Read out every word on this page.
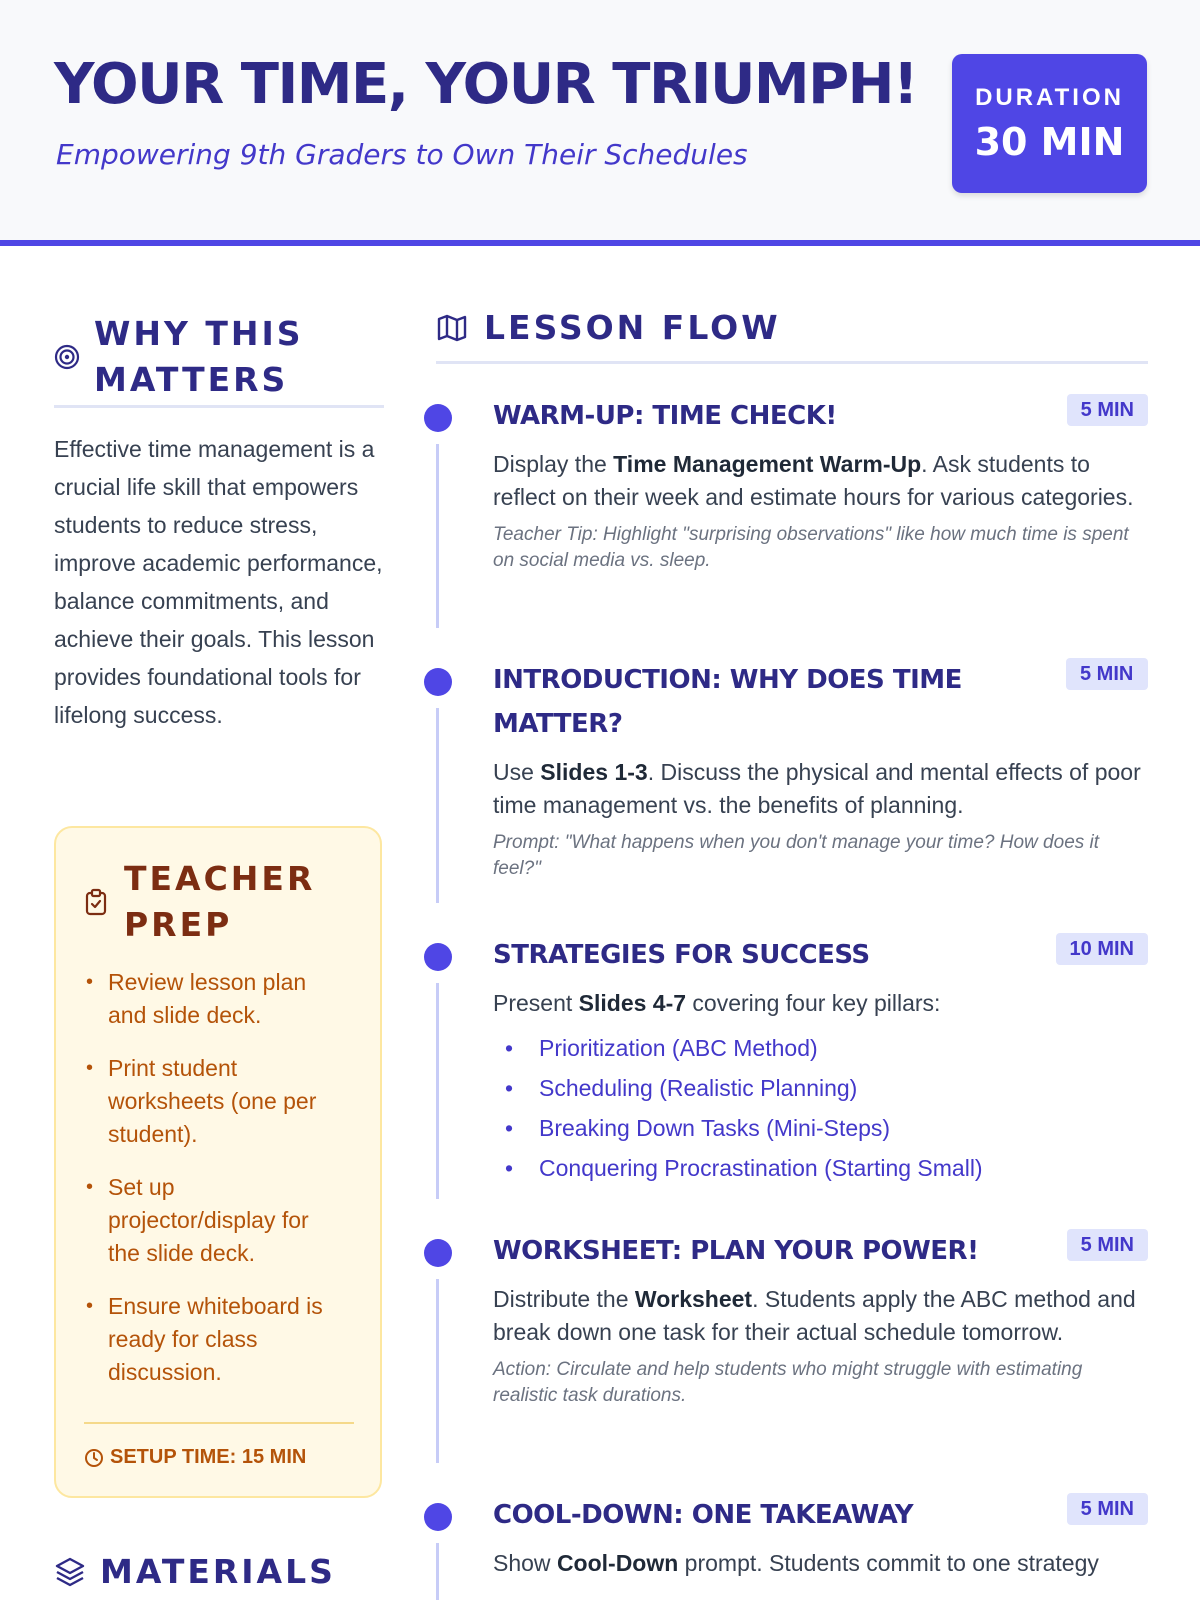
YOUR TIME, YOUR TRIUMPH!
Empowering 9th Graders to Own Their Schedules
DURATION
30 MIN
WHY THIS MATTERS
Effective time management is a crucial life skill that empowers students to reduce stress, improve academic performance, balance commitments, and achieve their goals. This lesson provides foundational tools for lifelong success.
TEACHER PREP
• Review lesson plan and slide deck.
• Print student worksheets (one per student).
• Set up projector/display for the slide deck.
• Ensure whiteboard is ready for class discussion.
SETUP TIME: 15 MIN
MATERIALS
LESSON FLOW
WARM-UP: TIME CHECK!	5 MIN
Display the Time Management Warm-Up. Ask students to reflect on their week and estimate hours for various categories.
Teacher Tip: Highlight "surprising observations" like how much time is spent on social media vs. sleep.
INTRODUCTION: WHY DOES TIME MATTER?
5 MIN
Use Slides 1-3. Discuss the physical and mental effects of poor time management vs. the benefits of planning.
Prompt: "What happens when you don't manage your time? How does it feel?"
STRATEGIES FOR SUCCESS	10 MIN
Present Slides 4-7 covering four key pillars:
• Prioritization (ABC Method)
• Scheduling (Realistic Planning)
• Breaking Down Tasks (Mini-Steps)
• Conquering Procrastination (Starting Small)
WORKSHEET: PLAN YOUR POWER!	5 MIN
Distribute the Worksheet. Students apply the ABC method and break down one task for their actual schedule tomorrow.
Action: Circulate and help students who might struggle with estimating realistic task durations.
COOL-DOWN: ONE TAKEAWAY	5 MIN
Show Cool-Down prompt. Students commit to one strategy
